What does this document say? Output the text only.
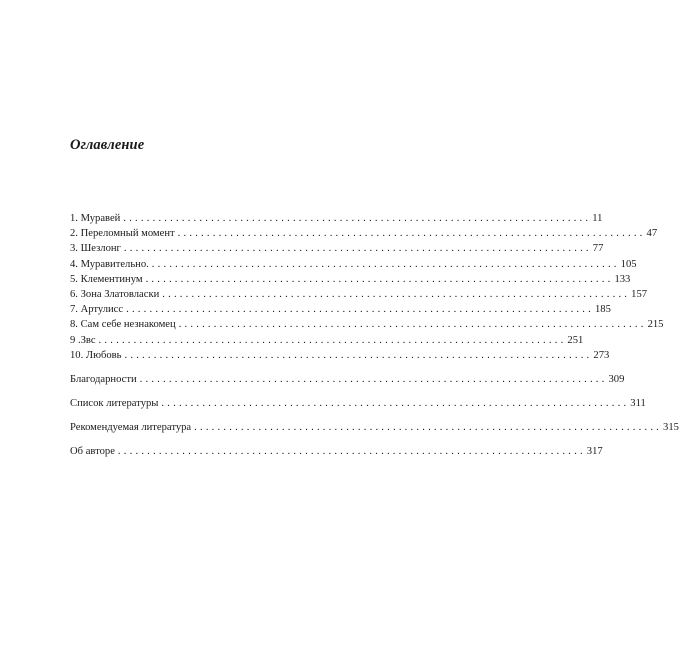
Оглавление
1. Муравей ................................................................................ 11
2. Переломный момент ................................................................................ 47
3. Шезлонг ................................................................................ 77
4. Муравительно. ................................................................................ 105
5. Клементинум ................................................................................ 133
6. Зона Златовласки ................................................................................ 157
7. Артулисс ................................................................................ 185
8. Сам себе незнакомец ................................................................................ 215
9 .Звс ................................................................................ 251
10. Любовь ................................................................................ 273
Благодарности ................................................................................ 309
Список литературы ................................................................................ 311
Рекомендуемая литература ................................................................................ 315
Об авторе ................................................................................ 317
